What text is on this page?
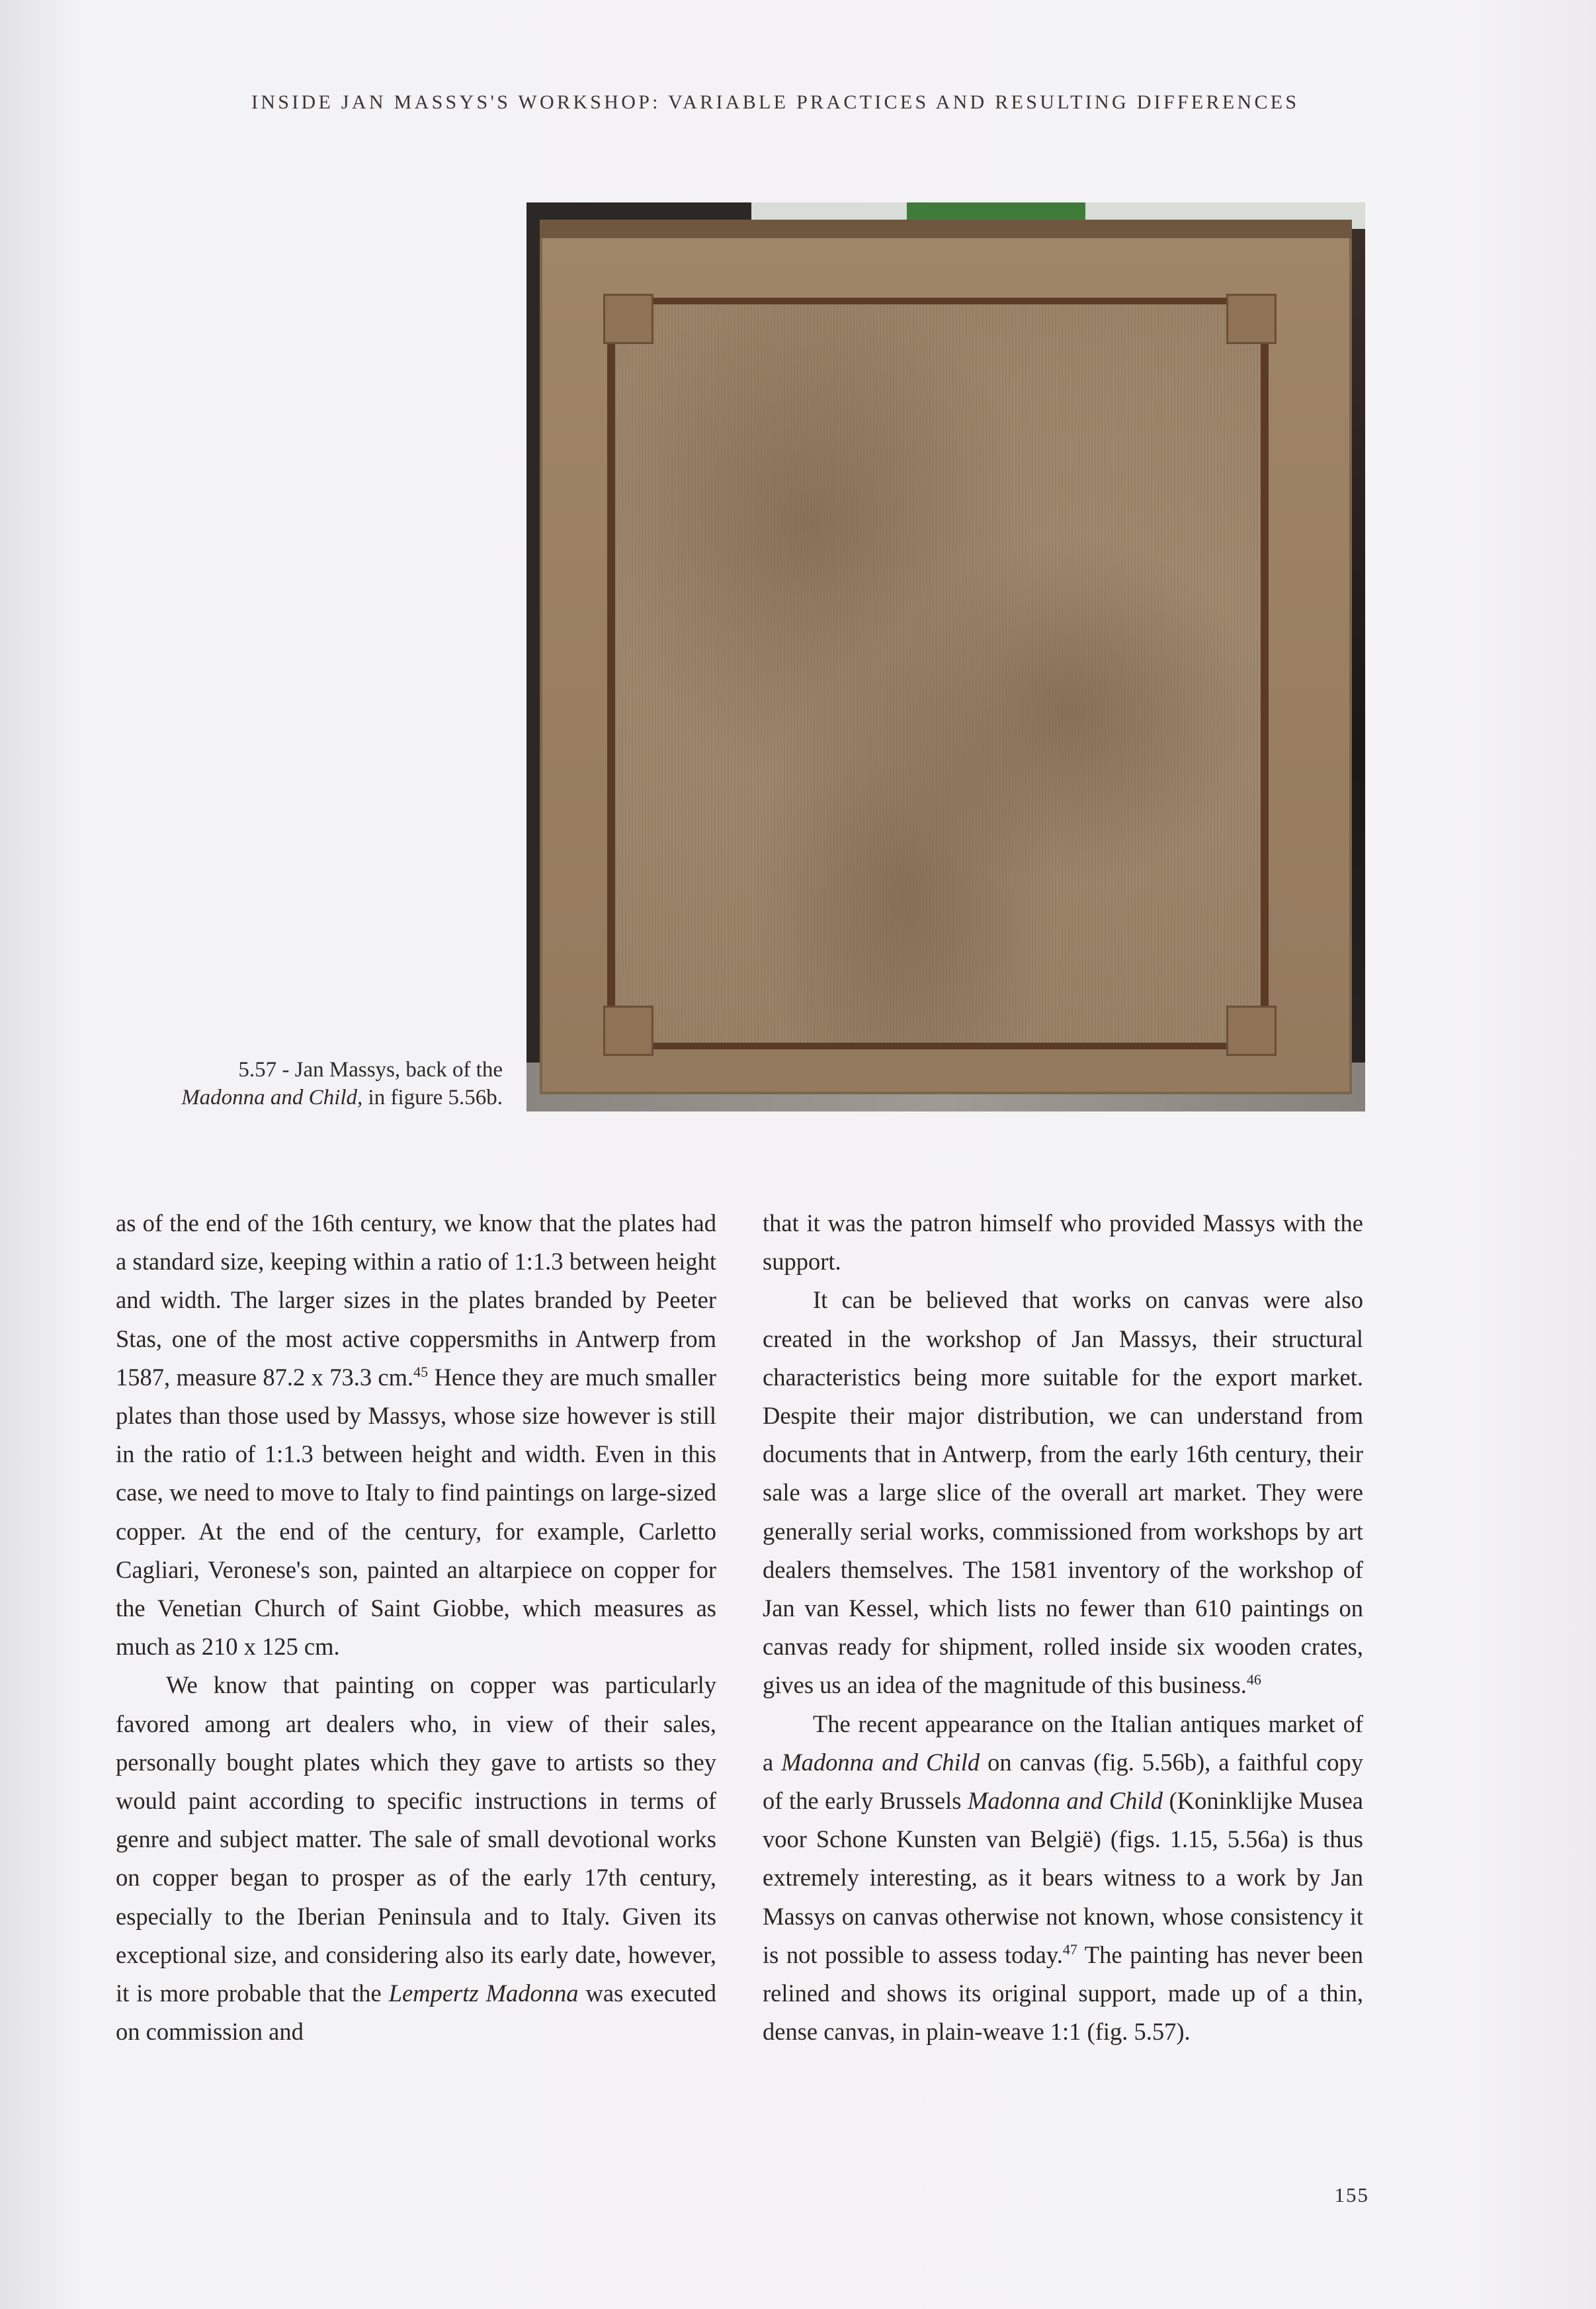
INSIDE JAN MASSYS'S WORKSHOP: VARIABLE PRACTICES AND RESULTING DIFFERENCES
5.57 - Jan Massys, back of the
Madonna and Child, in figure 5.56b.

as of the end of the 16th century, we know that the plates had a standard size, keeping within a ratio of 1:1.3 between height and width. The larger sizes in the plates branded by Peeter Stas, one of the most active coppersmiths in Antwerp from 1587, measure 87.2 x 73.3 cm.$^{45}$ Hence they are much smaller plates than those used by Massys, whose size however is still in the ratio of 1:1.3 between height and width. Even in this case, we need to move to Italy to find paintings on large-sized copper. At the end of the century, for example, Carletto Cagliari, Veronese's son, painted an altarpiece on copper for the Venetian Church of Saint Giobbe, which measures as much as 210 x 125 cm.

We know that painting on copper was particularly favored among art dealers who, in view of their sales, personally bought plates which they gave to artists so they would paint according to specific instructions in terms of genre and subject matter. The sale of small devotional works on copper began to prosper as of the early 17th century, especially to the Iberian Peninsula and to Italy. Given its exceptional size, and considering also its early date, however, it is more probable that the Lempertz Madonna was executed on commission and

that it was the patron himself who provided Massys with the support.

It can be believed that works on canvas were also created in the workshop of Jan Massys, their structural characteristics being more suitable for the export market. Despite their major distribution, we can understand from documents that in Antwerp, from the early 16th century, their sale was a large slice of the overall art market. They were generally serial works, commissioned from workshops by art dealers themselves. The 1581 inventory of the workshop of Jan van Kessel, which lists no fewer than 610 paintings on canvas ready for shipment, rolled inside six wooden crates, gives us an idea of the magnitude of this business.$^{46}$

The recent appearance on the Italian antiques market of a Madonna and Child on canvas (fig. 5.56b), a faithful copy of the early Brussels Madonna and Child (Koninklijke Musea voor Schone Kunsten van België) (figs. 1.15, 5.56a) is thus extremely interesting, as it bears witness to a work by Jan Massys on canvas otherwise not known, whose consistency it is not possible to assess today.$^{47}$ The painting has never been relined and shows its original support, made up of a thin, dense canvas, in plain-weave 1:1 (fig. 5.57).

155
